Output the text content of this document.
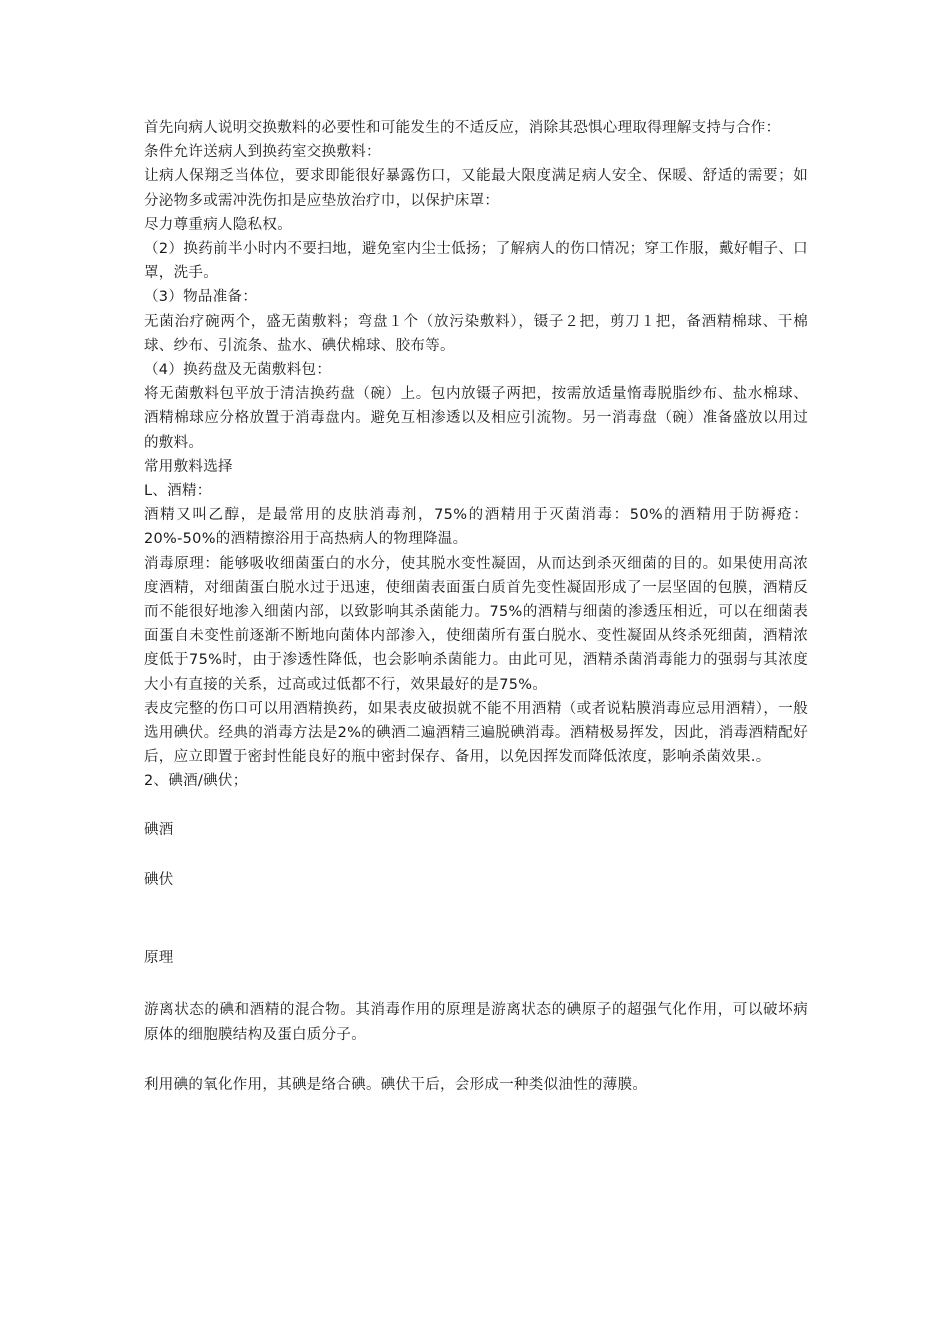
首先向病人说明交换敷料的必要性和可能发生的不适反应，消除其恐惧心理取得理解支持与合作：

条件允许送病人到换药室交换敷料：

让病人保翔乏当体位，要求即能很好暴露伤口，又能最大限度满足病人安全、保暖、舒适的需要；如分泌物多或需冲洗伤扣是应垫放治疗巾，以保护床罩：

尽力尊重病人隐私权。

（2）换药前半小时内不要扫地，避免室内尘士低扬；了解病人的伤口情况；穿工作服，戴好帽子、口罩，洗手。

（3）物品准备：

无菌治疗碗两个，盛无菌敷料；弯盘１个（放污染敷料），镊子２把，剪刀１把，备酒精棉球、干棉球、纱布、引流条、盐水、碘伏棉球、胶布等。

（4）换药盘及无菌敷料包：

将无菌敷料包平放于清洁换药盘（碗）上。包内放镊子两把，按需放适量惰毒脱脂纱布、盐水棉球、酒精棉球应分格放置于消毒盘内。避免互相渗透以及相应引流物。另一消毒盘（碗）准备盛放以用过的敷料。

常用敷料选择

L、酒精：

酒精又叫乙醇，是最常用的皮肤消毒剂，75%的酒精用于灭菌消毒：50%的酒精用于防褥疮：20%-50%的酒精擦浴用于高热病人的物理降温。

消毒原理：能够吸收细菌蛋白的水分，使其脱水变性凝固，从而达到杀灭细菌的目的。如果使用高浓度酒精，对细菌蛋白脱水过于迅速，使细菌表面蛋白质首先变性凝固形成了一层坚固的包膜，酒精反而不能很好地渗入细菌内部，以致影响其杀菌能力。75%的酒精与细菌的渗透压相近，可以在细菌表面蛋自未变性前逐渐不断地向菌体内部渗入，使细菌所有蛋白脱水、变性凝固从终杀死细菌，酒精浓度低于75%时，由于渗透性降低，也会影响杀菌能力。由此可见，酒精杀菌消毒能力的强弱与其浓度大小有直接的关系，过高或过低都不行，效果最好的是75%。

表皮完整的伤口可以用酒精换药，如果表皮破损就不能不用酒精（或者说粘膜消毒应忌用酒精），一般选用碘伏。经典的消毒方法是2%的碘酒二遍酒精三遍脱碘消毒。酒精极易挥发，因此，消毒酒精配好后，应立即置于密封性能良好的瓶中密封保存、备用，以免因挥发而降低浓度，影响杀菌效果.。

2、碘酒/碘伏；

碘酒

碘伏

原理

游离状态的碘和酒精的混合物。其消毒作用的原理是游离状态的碘原子的超强气化作用，可以破坏病原体的细胞膜结构及蛋白质分子。

利用碘的氧化作用，其碘是络合碘。碘伏干后，会形成一种类似油性的薄膜。
